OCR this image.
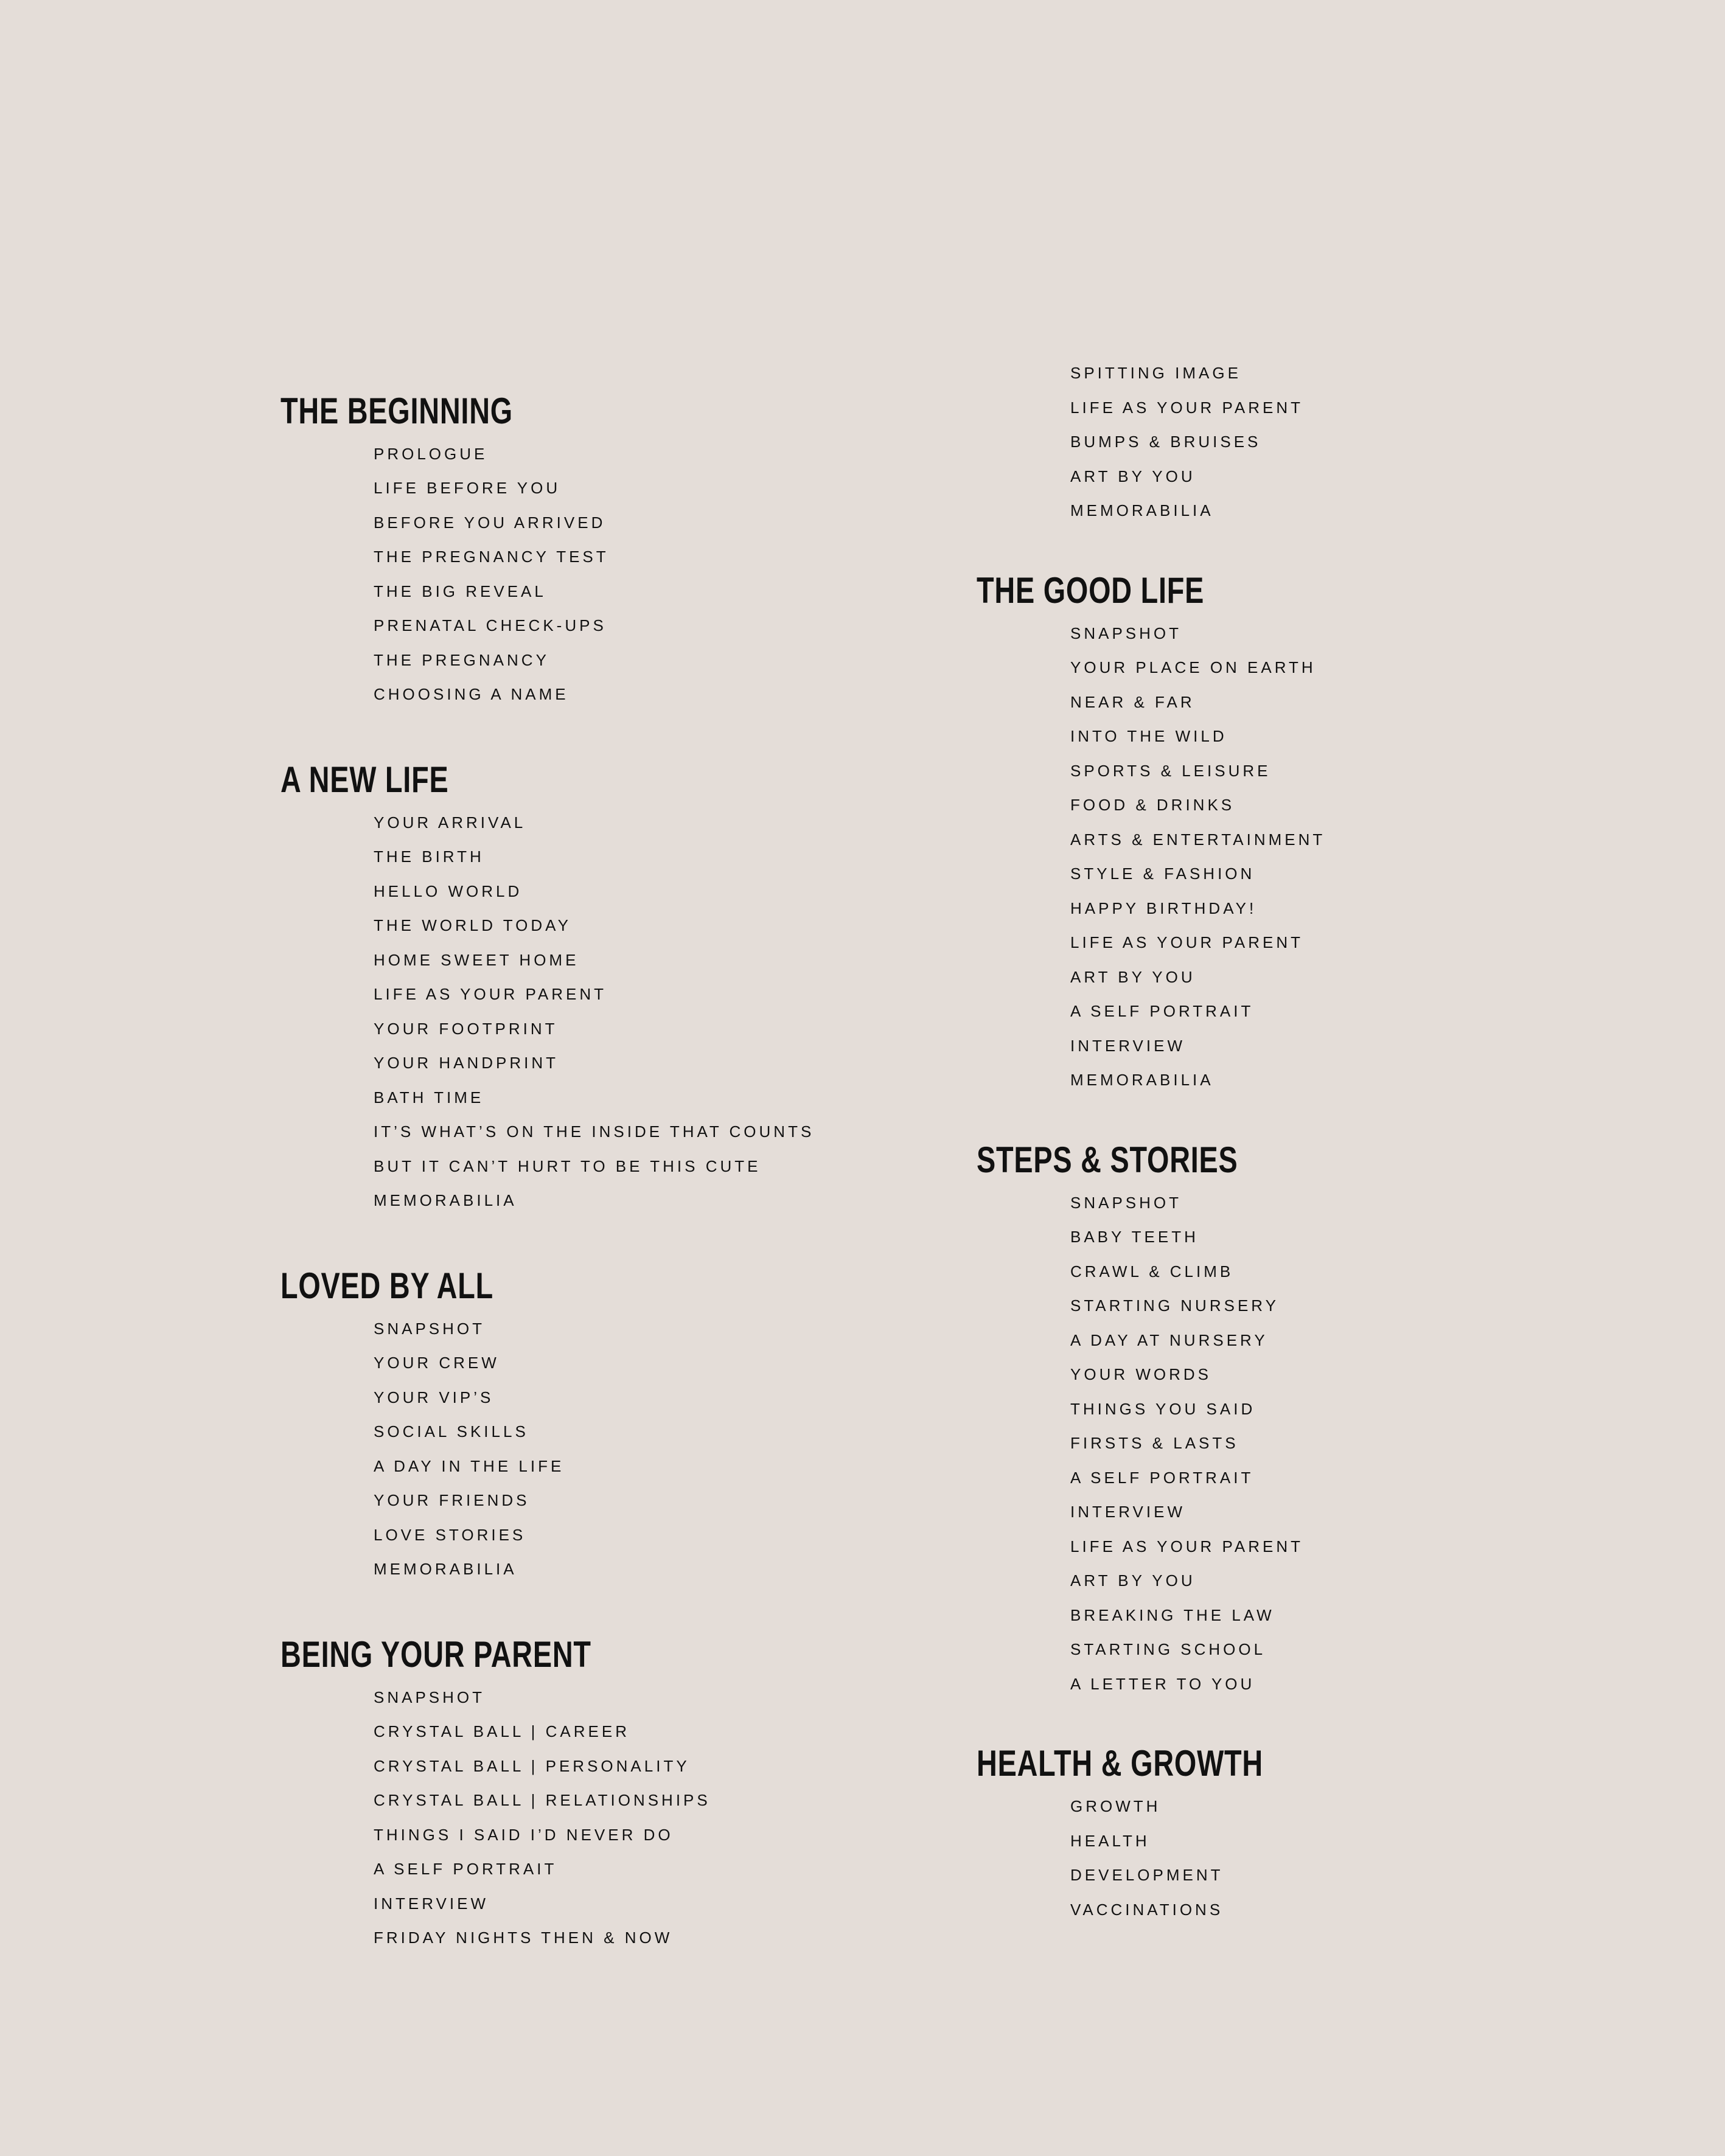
THE BEGINNING
PROLOGUE
LIFE BEFORE YOU
BEFORE YOU ARRIVED
THE PREGNANCY TEST
THE BIG REVEAL
PRENATAL CHECK-UPS
THE PREGNANCY
CHOOSING A NAME
A NEW LIFE
YOUR ARRIVAL
THE BIRTH
HELLO WORLD
THE WORLD TODAY
HOME SWEET HOME
LIFE AS YOUR PARENT
YOUR FOOTPRINT
YOUR HANDPRINT
BATH TIME
IT’S WHAT’S ON THE INSIDE THAT COUNTS
BUT IT CAN’T HURT TO BE THIS CUTE
MEMORABILIA
LOVED BY ALL
SNAPSHOT
YOUR CREW
YOUR VIP’S
SOCIAL SKILLS
A DAY IN THE LIFE
YOUR FRIENDS
LOVE STORIES
MEMORABILIA
BEING YOUR PARENT
SNAPSHOT
CRYSTAL BALL | CAREER
CRYSTAL BALL | PERSONALITY
CRYSTAL BALL | RELATIONSHIPS
THINGS I SAID I’D NEVER DO
A SELF PORTRAIT
INTERVIEW
FRIDAY NIGHTS THEN & NOW
SPITTING IMAGE
LIFE AS YOUR PARENT
BUMPS & BRUISES
ART BY YOU
MEMORABILIA
THE GOOD LIFE
SNAPSHOT
YOUR PLACE ON EARTH
NEAR & FAR
INTO THE WILD
SPORTS & LEISURE
FOOD & DRINKS
ARTS & ENTERTAINMENT
STYLE & FASHION
HAPPY BIRTHDAY!
LIFE AS YOUR PARENT
ART BY YOU
A SELF PORTRAIT
INTERVIEW
MEMORABILIA
STEPS & STORIES
SNAPSHOT
BABY TEETH
CRAWL & CLIMB
STARTING NURSERY
A DAY AT NURSERY
YOUR WORDS
THINGS YOU SAID
FIRSTS & LASTS
A SELF PORTRAIT
INTERVIEW
LIFE AS YOUR PARENT
ART BY YOU
BREAKING THE LAW
STARTING SCHOOL
A LETTER TO YOU
HEALTH & GROWTH
GROWTH
HEALTH
DEVELOPMENT
VACCINATIONS
